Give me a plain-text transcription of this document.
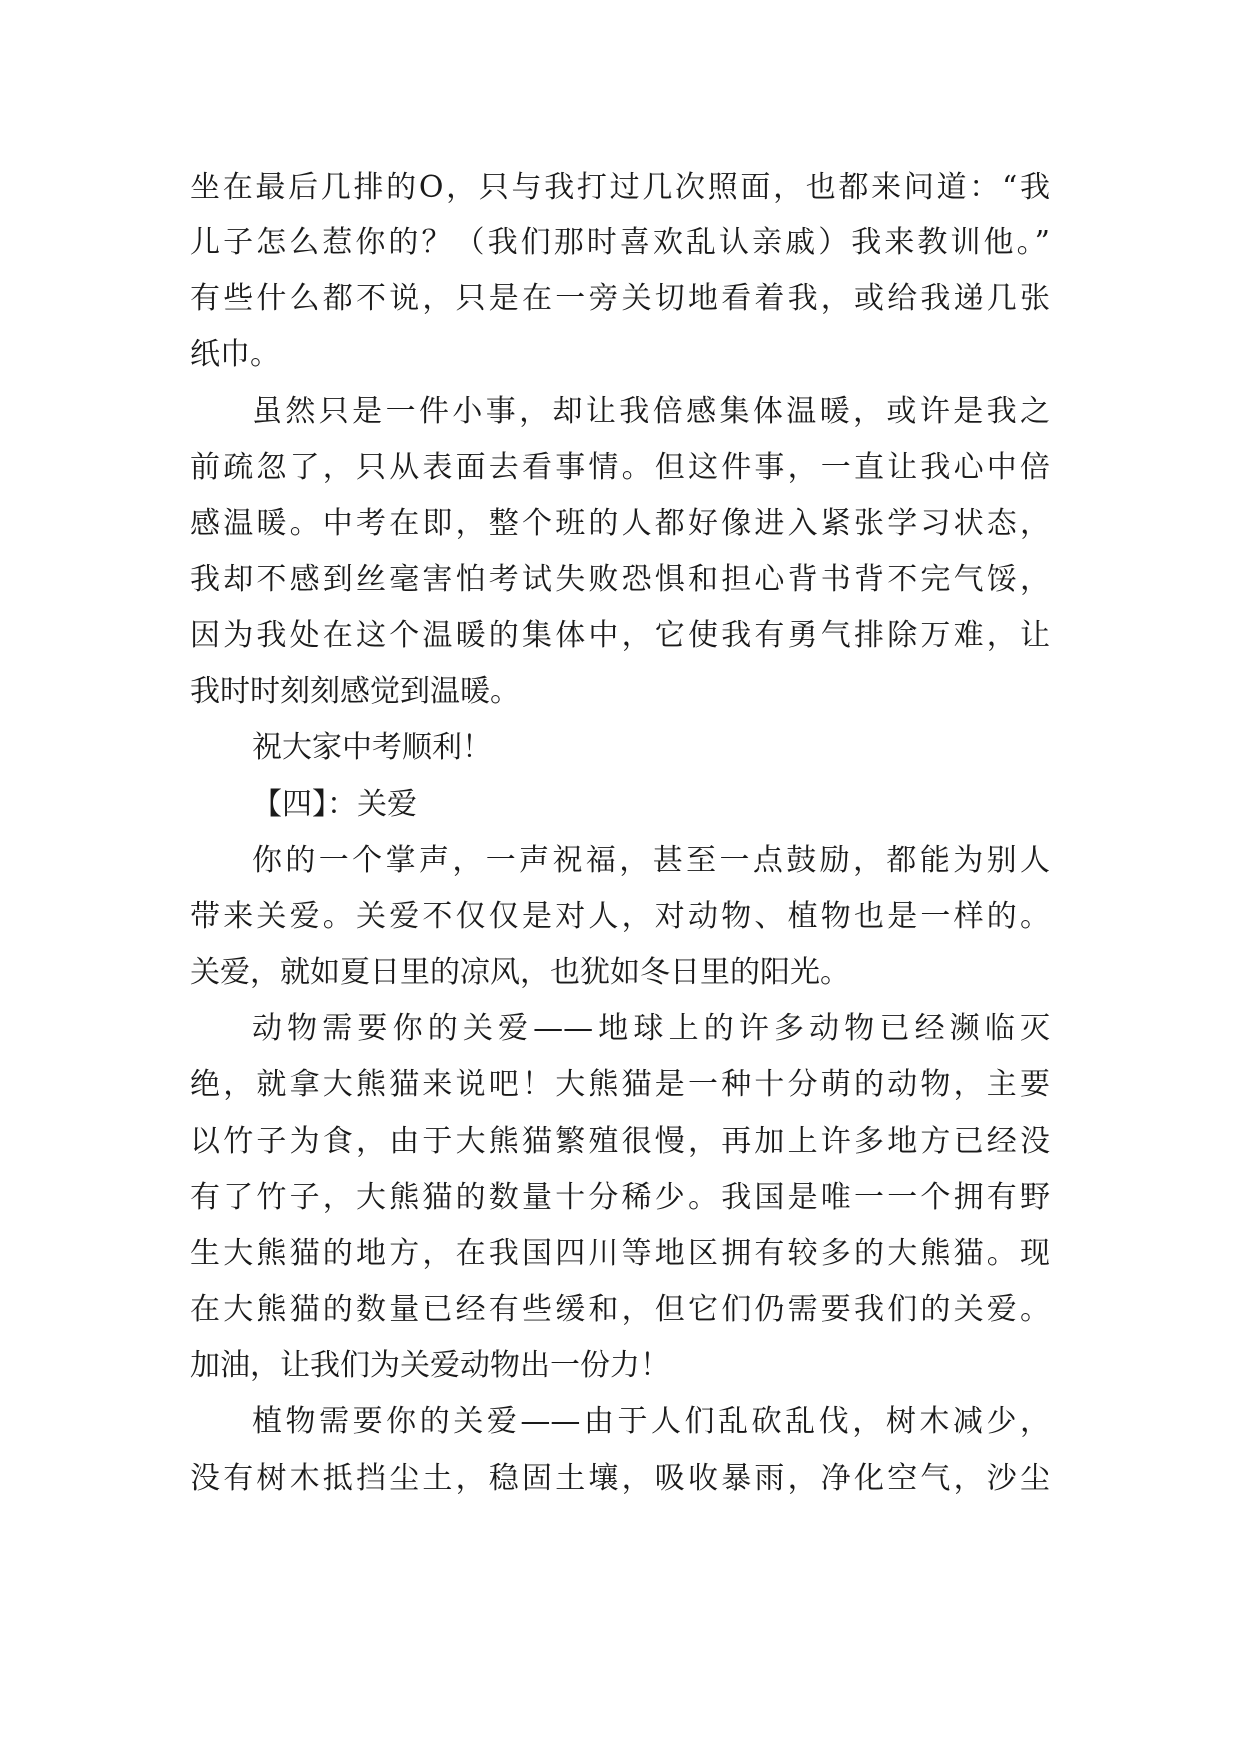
坐在最后几排的O，只与我打过几次照面，也都来问道：“我
儿子怎么惹你的？（我们那时喜欢乱认亲戚）我来教训他。”
有些什么都不说，只是在一旁关切地看着我，或给我递几张
纸巾。
虽然只是一件小事，却让我倍感集体温暖，或许是我之
前疏忽了，只从表面去看事情。但这件事，一直让我心中倍
感温暖。中考在即，整个班的人都好像进入紧张学习状态，
我却不感到丝毫害怕考试失败恐惧和担心背书背不完气馁，
因为我处在这个温暖的集体中，它使我有勇气排除万难，让
我时时刻刻感觉到温暖。
祝大家中考顺利！
【四】：关爱
你的一个掌声，一声祝福，甚至一点鼓励，都能为别人
带来关爱。关爱不仅仅是对人，对动物、植物也是一样的。
关爱，就如夏日里的凉风，也犹如冬日里的阳光。
动物需要你的关爱——地球上的许多动物已经濒临灭
绝，就拿大熊猫来说吧！大熊猫是一种十分萌的动物，主要
以竹子为食，由于大熊猫繁殖很慢，再加上许多地方已经没
有了竹子，大熊猫的数量十分稀少。我国是唯一一个拥有野
生大熊猫的地方，在我国四川等地区拥有较多的大熊猫。现
在大熊猫的数量已经有些缓和，但它们仍需要我们的关爱。
加油，让我们为关爱动物出一份力！
植物需要你的关爱——由于人们乱砍乱伐，树木减少，
没有树木抵挡尘土，稳固土壤，吸收暴雨，净化空气，沙尘
